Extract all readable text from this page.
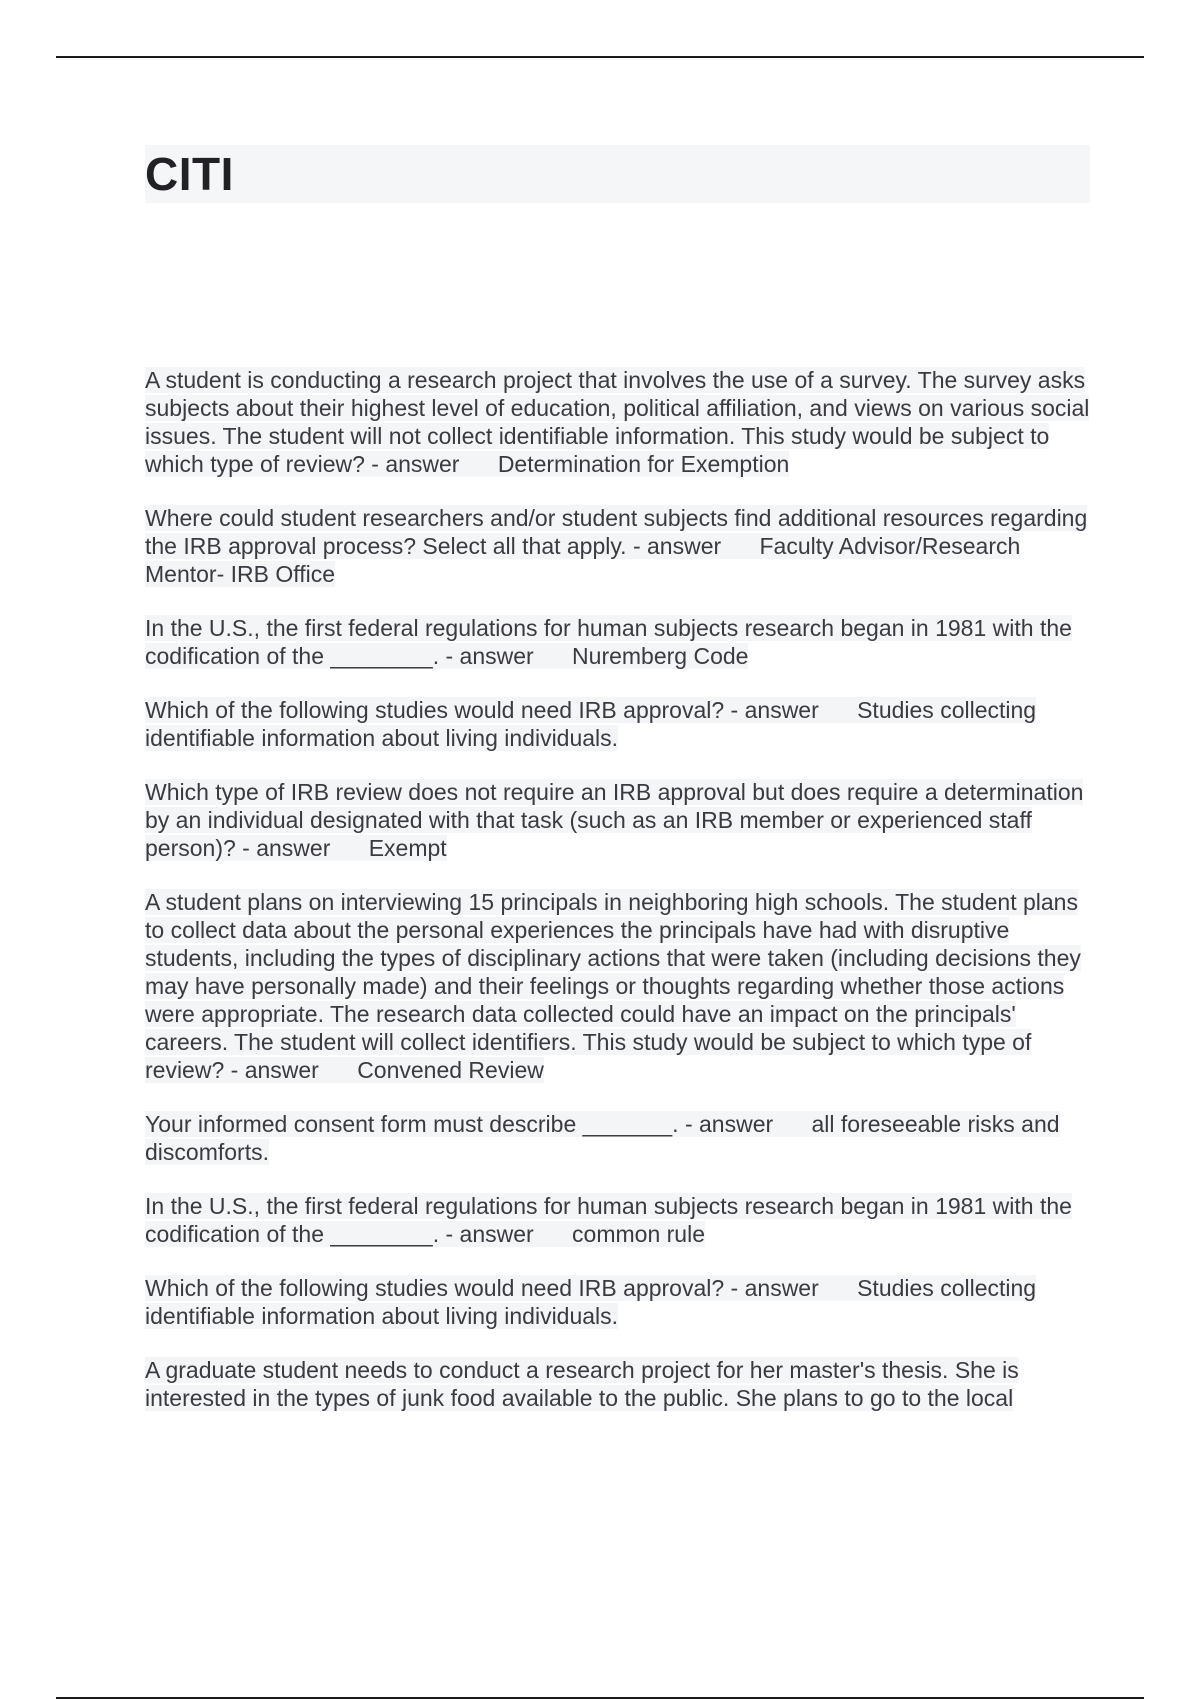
CITI

A student is conducting a research project that involves the use of a survey. The survey asks subjects about their highest level of education, political affiliation, and views on various social issues. The student will not collect identifiable information. This study would be subject to which type of review? - answer Determination for Exemption

Where could student researchers and/or student subjects find additional resources regarding the IRB approval process? Select all that apply. - answer Faculty Advisor/Research Mentor- IRB Office

In the U.S., the first federal regulations for human subjects research began in 1981 with the codification of the ________. - answer Nuremberg Code

Which of the following studies would need IRB approval? - answer Studies collecting identifiable information about living individuals.

Which type of IRB review does not require an IRB approval but does require a determination by an individual designated with that task (such as an IRB member or experienced staff person)? - answer Exempt

A student plans on interviewing 15 principals in neighboring high schools. The student plans to collect data about the personal experiences the principals have had with disruptive students, including the types of disciplinary actions that were taken (including decisions they may have personally made) and their feelings or thoughts regarding whether those actions were appropriate. The research data collected could have an impact on the principals' careers. The student will collect identifiers. This study would be subject to which type of review? - answer Convened Review

Your informed consent form must describe _______. - answer all foreseeable risks and discomforts.

In the U.S., the first federal regulations for human subjects research began in 1981 with the codification of the ________. - answer common rule

Which of the following studies would need IRB approval? - answer Studies collecting identifiable information about living individuals.

A graduate student needs to conduct a research project for her master's thesis. She is interested in the types of junk food available to the public. She plans to go to the local
